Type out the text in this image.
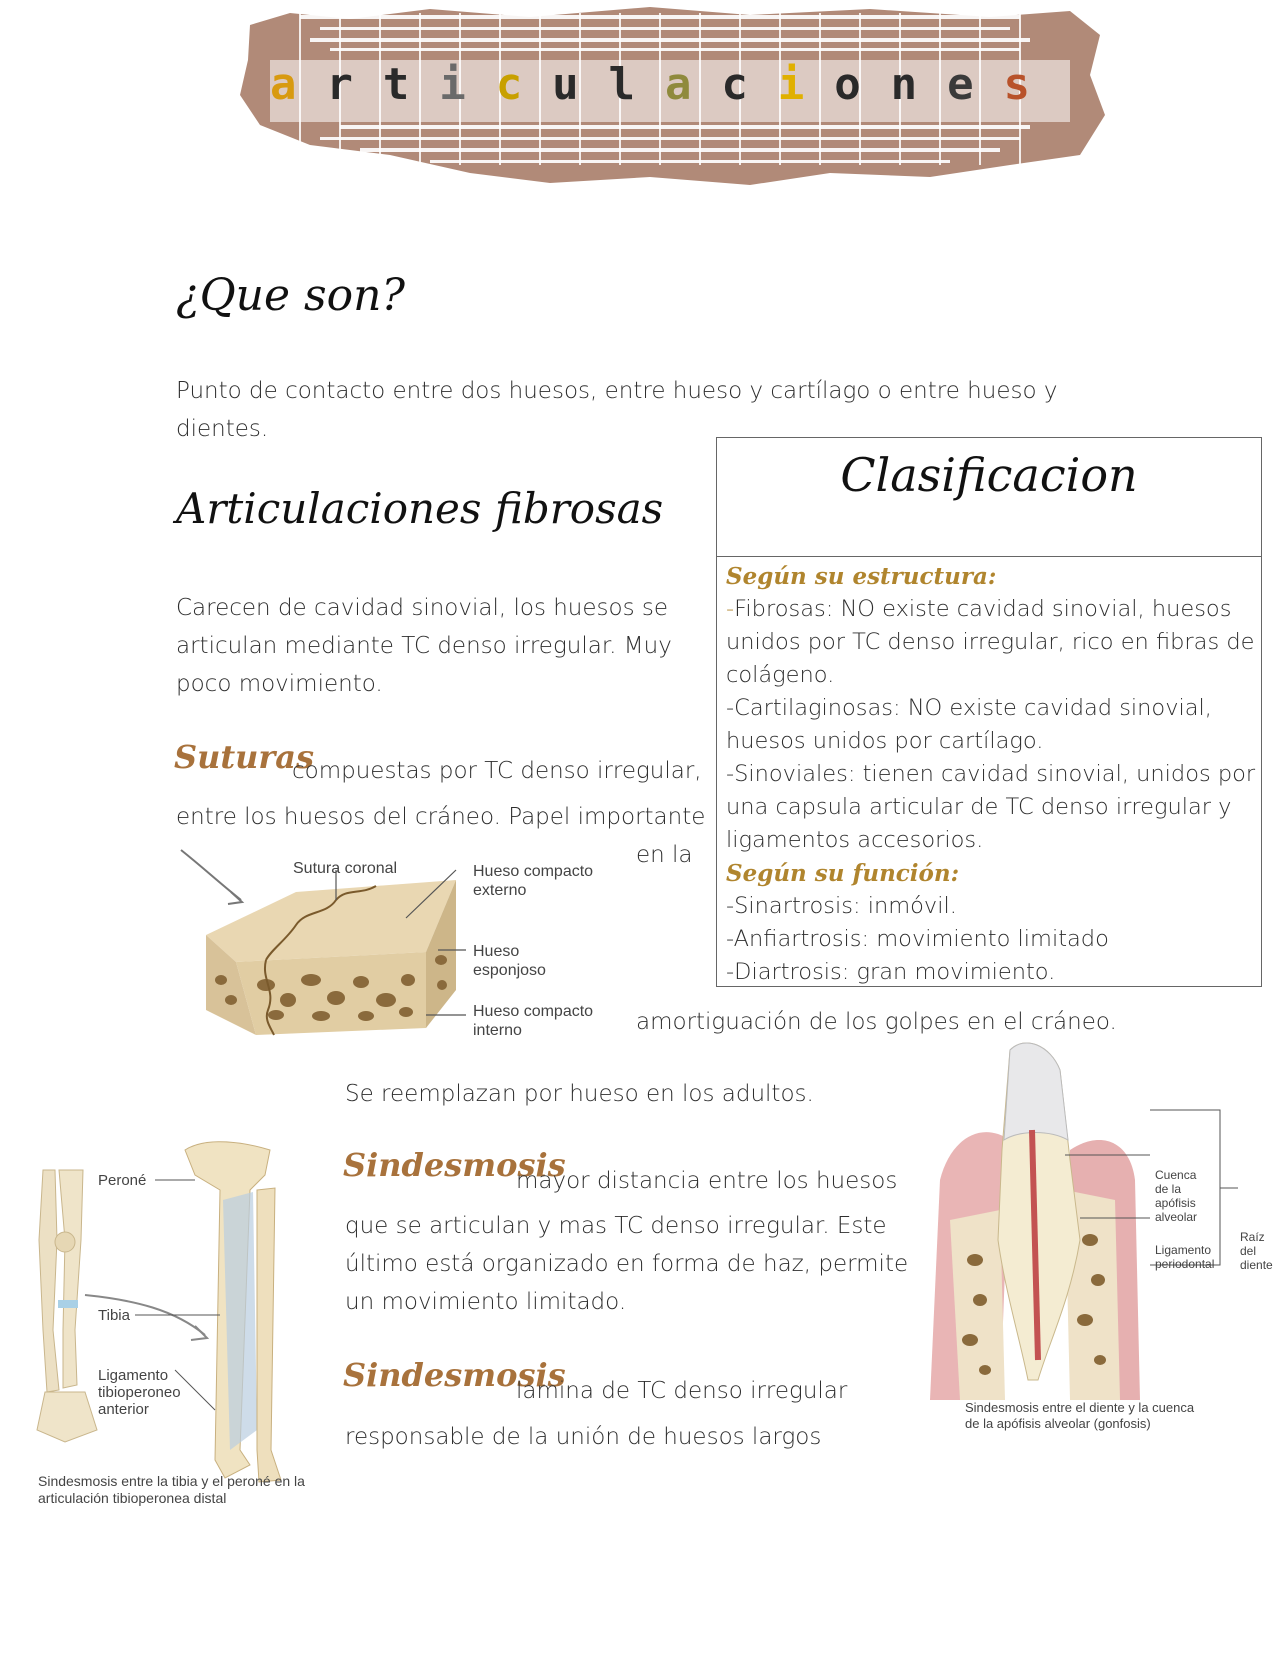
a r t i c u l a c i o n e s
¿Que son?
Punto de contacto entre dos huesos, entre hueso y cartílago o entre hueso y
dientes.
Articulaciones fibrosas
Carecen de cavidad sinovial, los huesos se
articulan mediante TC denso irregular. Muy
poco movimiento.
Suturas
compuestas por TC denso irregular,
entre los huesos del cráneo. Papel importante
en la
amortiguación de los golpes en el cráneo.
Se reemplazan por hueso en los adultos.
Sutura coronal	Hueso compacto
externo
Hueso
esponjoso
Hueso compacto
interno
Clasificacion
Según su estructura:
-Fibrosas: NO existe cavidad sinovial, huesos
unidos por TC denso irregular, rico en fibras de
colágeno.
-Cartilaginosas: NO existe cavidad sinovial,
huesos unidos por cartílago.
-Sinoviales: tienen cavidad sinovial, unidos por
una capsula articular de TC denso irregular y
ligamentos accesorios.
Según su función:
-Sinartrosis: inmóvil.
-Anfiartrosis: movimiento limitado
-Diartrosis: gran movimiento.
Sindesmosis
mayor distancia entre los huesos
que se articulan y mas TC denso irregular. Este
último está organizado en forma de haz, permite
un movimiento limitado.
Sindesmosis
lamina de TC denso irregular
responsable de la unión de huesos largos
Peroné
Tibia
Ligamento
tibioperoneo
anterior
Sindesmosis entre la tibia y el peroné en la
articulación tibioperonea distal
Cuenca
de la
apófisis
alveolar
Ligamento
periodontal
Raíz del
diente
Sindesmosis entre el diente y la cuenca
de la apófisis alveolar (gonfosis)
